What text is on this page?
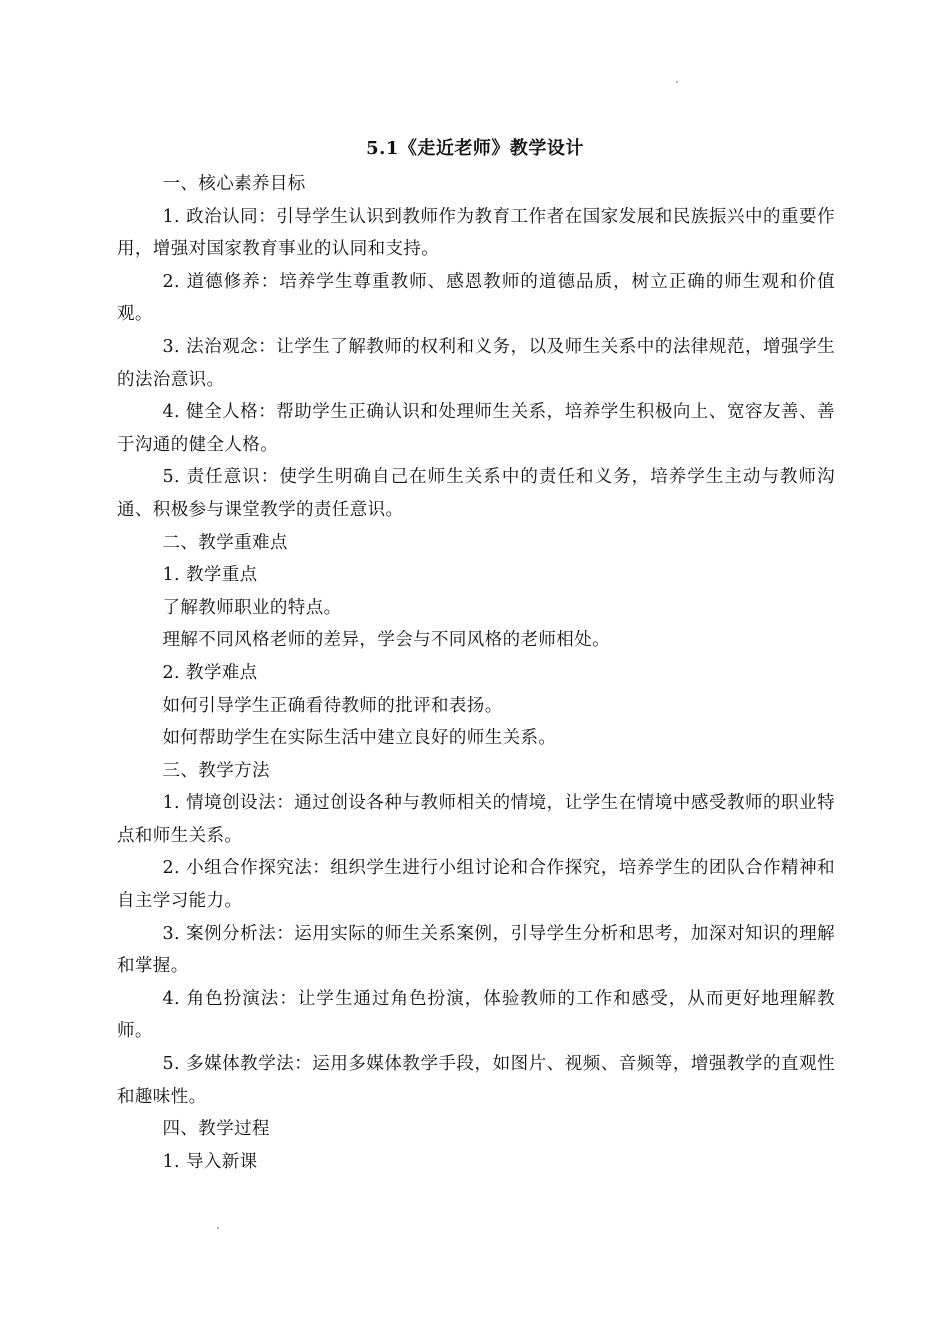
5.1《走近老师》教学设计

一、核心素养目标

1. 政治认同：引导学生认识到教师作为教育工作者在国家发展和民族振兴中的重要作用，增强对国家教育事业的认同和支持。

2. 道德修养：培养学生尊重教师、感恩教师的道德品质，树立正确的师生观和价值观。

3. 法治观念：让学生了解教师的权利和义务，以及师生关系中的法律规范，增强学生的法治意识。

4. 健全人格：帮助学生正确认识和处理师生关系，培养学生积极向上、宽容友善、善于沟通的健全人格。

5. 责任意识：使学生明确自己在师生关系中的责任和义务，培养学生主动与教师沟通、积极参与课堂教学的责任意识。

二、教学重难点

1. 教学重点

了解教师职业的特点。

理解不同风格老师的差异，学会与不同风格的老师相处。

2. 教学难点

如何引导学生正确看待教师的批评和表扬。

如何帮助学生在实际生活中建立良好的师生关系。

三、教学方法

1. 情境创设法：通过创设各种与教师相关的情境，让学生在情境中感受教师的职业特点和师生关系。

2. 小组合作探究法：组织学生进行小组讨论和合作探究，培养学生的团队合作精神和自主学习能力。

3. 案例分析法：运用实际的师生关系案例，引导学生分析和思考，加深对知识的理解和掌握。

4. 角色扮演法：让学生通过角色扮演，体验教师的工作和感受，从而更好地理解教师。

5. 多媒体教学法：运用多媒体教学手段，如图片、视频、音频等，增强教学的直观性和趣味性。

四、教学过程

1. 导入新课
